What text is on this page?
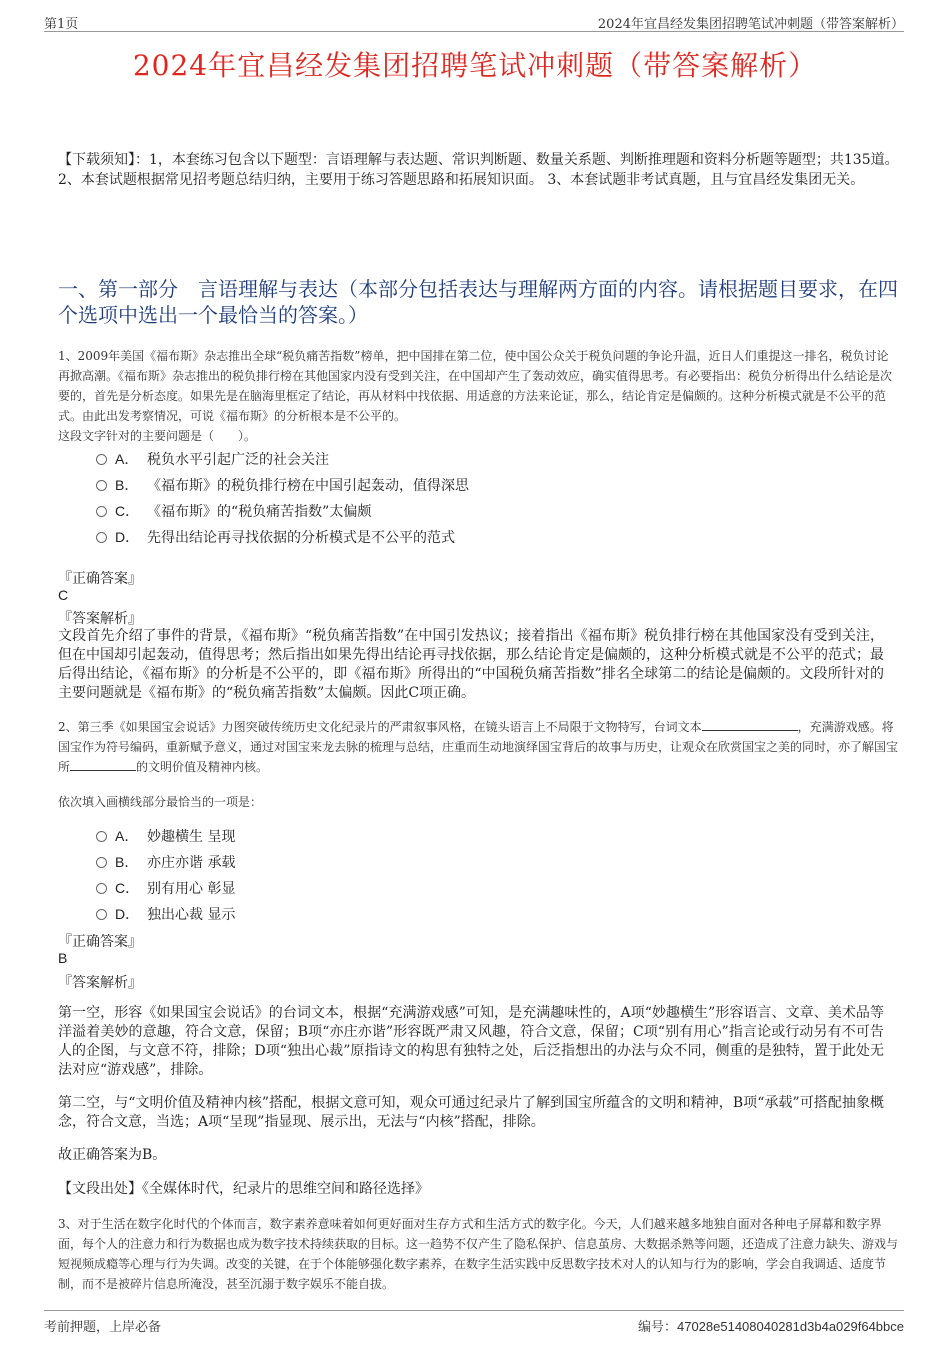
第1页	2024年宜昌经发集团招聘笔试冲刺题（带答案解析）
2024年宜昌经发集团招聘笔试冲刺题（带答案解析）
【下载须知】：1，本套练习包含以下题型：言语理解与表达题、常识判断题、数量关系题、判断推理题和资料分析题等题型；共135道。 2、本套试题根据常见招考题总结归纳，主要用于练习答题思路和拓展知识面。 3、本套试题非考试真题，且与宜昌经发集团无关。
一、第一部分　言语理解与表达（本部分包括表达与理解两方面的内容。请根据题目要求，在四个选项中选出一个最恰当的答案。）
1、2009年美国《福布斯》杂志推出全球“税负痛苦指数”榜单，把中国排在第二位，使中国公众关于税负问题的争论升温，近日人们重提这一排名，税负讨论再掀高潮。《福布斯》杂志推出的税负排行榜在其他国家内没有受到关注，在中国却产生了轰动效应，确实值得思考。有必要指出：税负分析得出什么结论是次要的，首先是分析态度。如果先是在脑海里框定了结论，再从材料中找依据、用适意的方法来论证，那么，结论肯定是偏颇的。这种分析模式就是不公平的范式。由此出发考察情况，可说《福布斯》的分析根本是不公平的。
这段文字针对的主要问题是（　　）。
A． 税负水平引起广泛的社会关注
B． 《福布斯》的税负排行榜在中国引起轰动，值得深思
C． 《福布斯》的“税负痛苦指数”太偏颇
D． 先得出结论再寻找依据的分析模式是不公平的范式
『正确答案』
C
『答案解析』
文段首先介绍了事件的背景，《福布斯》“税负痛苦指数”在中国引发热议；接着指出《福布斯》税负排行榜在其他国家没有受到关注，但在中国却引起轰动，值得思考；然后指出如果先得出结论再寻找依据，那么结论肯定是偏颇的，这种分析模式就是不公平的范式；最后得出结论，《福布斯》的分析是不公平的，即《福布斯》所得出的“中国税负痛苦指数”排名全球第二的结论是偏颇的。文段所针对的主要问题就是《福布斯》的“税负痛苦指数”太偏颇。因此C项正确。
2、第三季《如果国宝会说话》力图突破传统历史文化纪录片的严肃叙事风格，在镜头语言上不局限于文物特写，台词文本	，充满游戏感。将国宝作为符号编码，重新赋予意义，通过对国宝来龙去脉的梳理与总结，庄重而生动地演绎国宝背后的故事与历史，让观众在欣赏国宝之美的同时，亦了解国宝所	的文明价值及精神内核。
依次填入画横线部分最恰当的一项是：
A． 妙趣横生 呈现
B． 亦庄亦谐 承载
C． 别有用心 彰显
D． 独出心裁 显示
『正确答案』
B
『答案解析』
第一空，形容《如果国宝会说话》的台词文本，根据“充满游戏感”可知，是充满趣味性的，A项“妙趣横生”形容语言、文章、美术品等洋溢着美妙的意趣，符合文意，保留；B项“亦庄亦谐”形容既严肃又风趣，符合文意，保留；C项“别有用心”指言论或行动另有不可告人的企图，与文意不符，排除；D项“独出心裁”原指诗文的构思有独特之处，后泛指想出的办法与众不同，侧重的是独特，置于此处无法对应“游戏感”，排除。
第二空，与“文明价值及精神内核”搭配，根据文意可知，观众可通过纪录片了解到国宝所蕴含的文明和精神，B项“承载”可搭配抽象概念，符合文意，当选；A项“呈现”指显现、展示出，无法与“内核”搭配，排除。
故正确答案为B。
【文段出处】《全媒体时代，纪录片的思维空间和路径选择》
3、对于生活在数字化时代的个体而言，数字素养意味着如何更好面对生存方式和生活方式的数字化。今天，人们越来越多地独自面对各种电子屏幕和数字界面，每个人的注意力和行为数据也成为数字技术持续获取的目标。这一趋势不仅产生了隐私保护、信息茧房、大数据杀熟等问题，还造成了注意力缺失、游戏与短视频成瘾等心理与行为失调。改变的关键，在于个体能够强化数字素养，在数字生活实践中反思数字技术对人的认知与行为的影响，学会自我调适、适度节制，而不是被碎片信息所淹没，甚至沉溺于数字娱乐不能自拔。
考前押题，上岸必备	编号：47028e51408040281d3b4a029f64bbce
